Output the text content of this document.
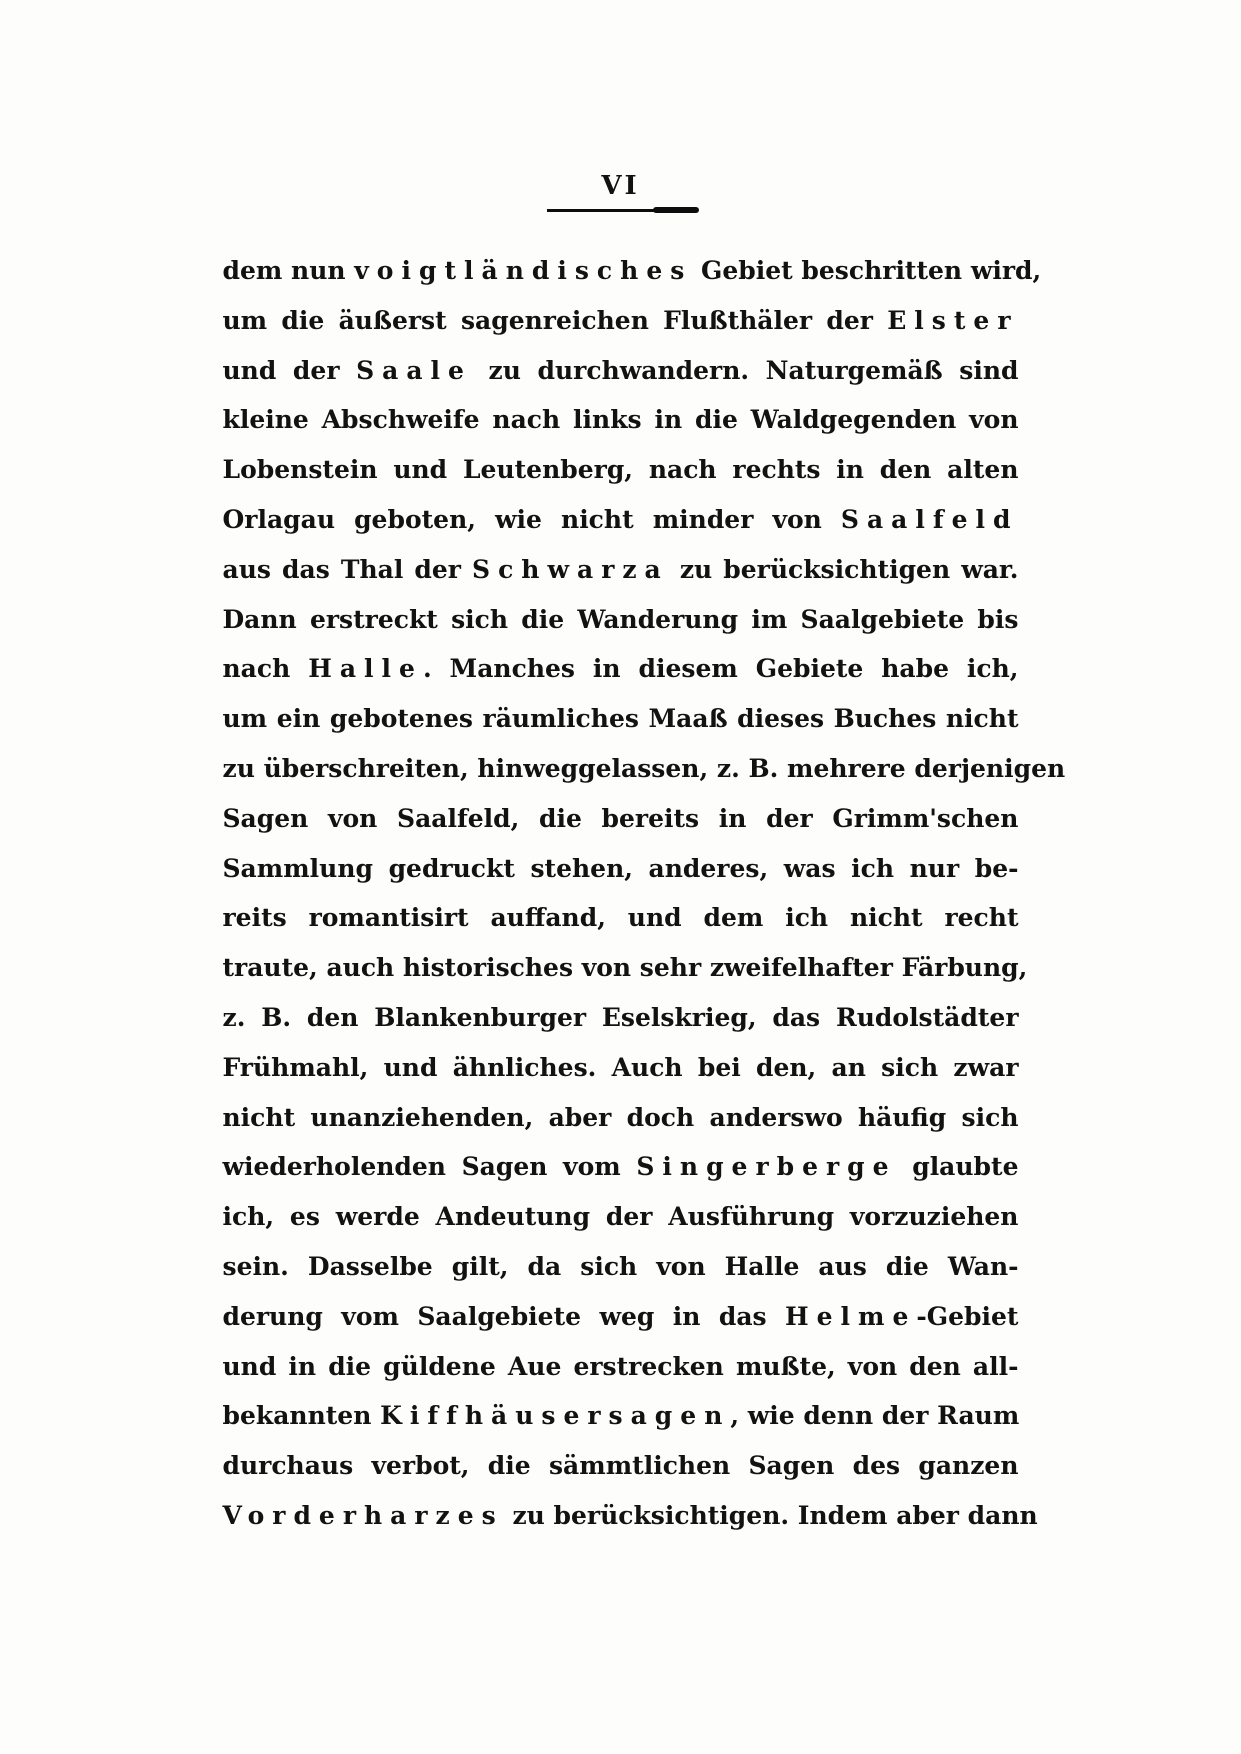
VI
dem nun voigtländisches Gebiet beschritten wird,
um die äußerst sagenreichen Flußthäler der Elster
und der Saale zu durchwandern. Naturgemäß sind
kleine Abschweife nach links in die Waldgegenden von
Lobenstein und Leutenberg, nach rechts in den alten
Orlagau geboten, wie nicht minder von Saalfeld
aus das Thal der Schwarza zu berücksichtigen war.
Dann erstreckt sich die Wanderung im Saalgebiete bis
nach Halle. Manches in diesem Gebiete habe ich,
um ein gebotenes räumliches Maaß dieses Buches nicht
zu überschreiten, hinweggelassen, z. B. mehrere derjenigen
Sagen von Saalfeld, die bereits in der Grimm'schen
Sammlung gedruckt stehen, anderes, was ich nur be-
reits romantisirt auffand, und dem ich nicht recht
traute, auch historisches von sehr zweifelhafter Färbung,
z. B. den Blankenburger Eselskrieg, das Rudolstädter
Frühmahl, und ähnliches. Auch bei den, an sich zwar
nicht unanziehenden, aber doch anderswo häufig sich
wiederholenden Sagen vom Singerberge glaubte
ich, es werde Andeutung der Ausführung vorzuziehen
sein. Dasselbe gilt, da sich von Halle aus die Wan-
derung vom Saalgebiete weg in das Helme-Gebiet
und in die güldene Aue erstrecken mußte, von den all-
bekannten Kiffhäusersagen, wie denn der Raum
durchaus verbot, die sämmtlichen Sagen des ganzen
Vorderharzes zu berücksichtigen. Indem aber dann
